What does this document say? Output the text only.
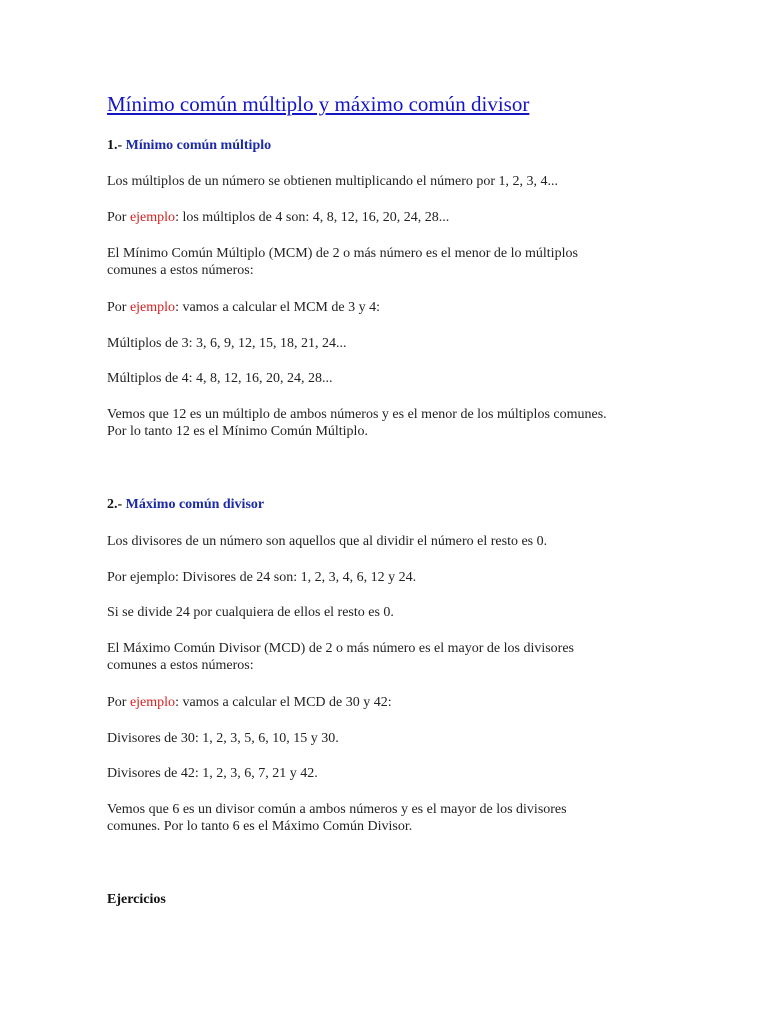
Mínimo común múltiplo y máximo común divisor

1.- Mínimo común múltiplo

Los múltiplos de un número se obtienen multiplicando el número por 1, 2, 3, 4...

Por ejemplo: los múltiplos de 4 son: 4, 8, 12, 16, 20, 24, 28...

El Mínimo Común Múltiplo (MCM) de 2 o más número es el menor de lo múltiplos
comunes a estos números:

Por ejemplo: vamos a calcular el MCM de 3 y 4:

Múltiplos de 3: 3, 6, 9, 12, 15, 18, 21, 24...

Múltiplos de 4: 4, 8, 12, 16, 20, 24, 28...

Vemos que 12 es un múltiplo de ambos números y es el menor de los múltiplos comunes.
Por lo tanto 12 es el Mínimo Común Múltiplo.

2.- Máximo común divisor

Los divisores de un número son aquellos que al dividir el número el resto es 0.

Por ejemplo: Divisores de 24 son: 1, 2, 3, 4, 6, 12 y 24.

Si se divide 24 por cualquiera de ellos el resto es 0.

El Máximo Común Divisor (MCD) de 2 o más número es el mayor de los divisores
comunes a estos números:

Por ejemplo: vamos a calcular el MCD de 30 y 42:

Divisores de 30: 1, 2, 3, 5, 6, 10, 15 y 30.

Divisores de 42: 1, 2, 3, 6, 7, 21 y 42.

Vemos que 6 es un divisor común a ambos números y es el mayor de los divisores
comunes. Por lo tanto 6 es el Máximo Común Divisor.

Ejercicios
